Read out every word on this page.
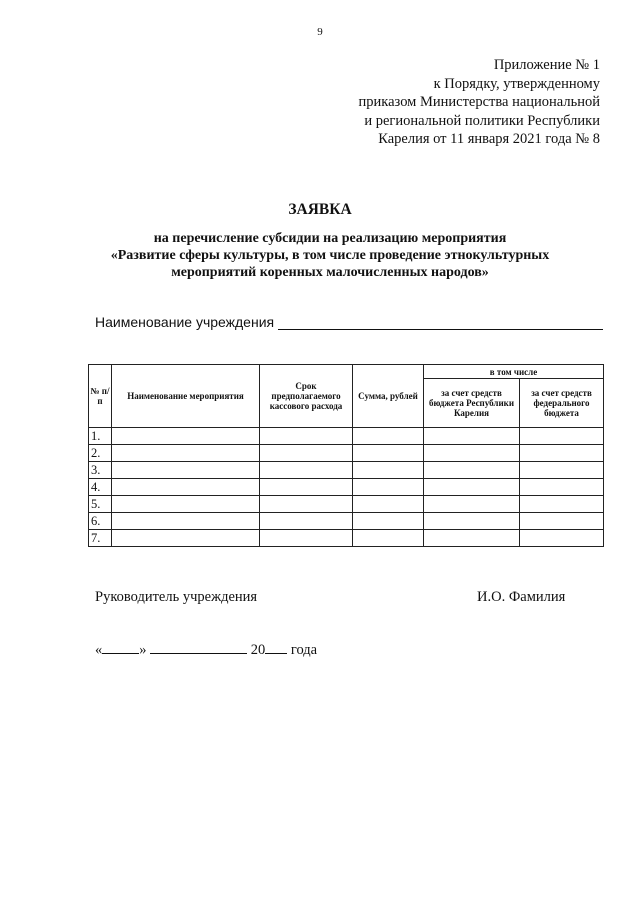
9
Приложение № 1
к Порядку, утвержденному
приказом Министерства национальной
и региональной политики Республики
Карелия от 11 января 2021 года № 8
ЗАЯВКА
на перечисление субсидии на реализацию мероприятия
«Развитие сферы культуры, в том числе проведение этнокультурных
мероприятий коренных малочисленных народов»
Наименование учреждения
№ п/п	Наименование мероприятия	Срок предполагаемого кассового расхода	Сумма, рублей	в том числе	
				за счет средств бюджета Республики Карелия	за счет средств федерального бюджета
1.					
2.					
3.					
4.					
5.					
6.					
7.					
Руководитель учреждения	И.О. Фамилия
«	»	20 года
